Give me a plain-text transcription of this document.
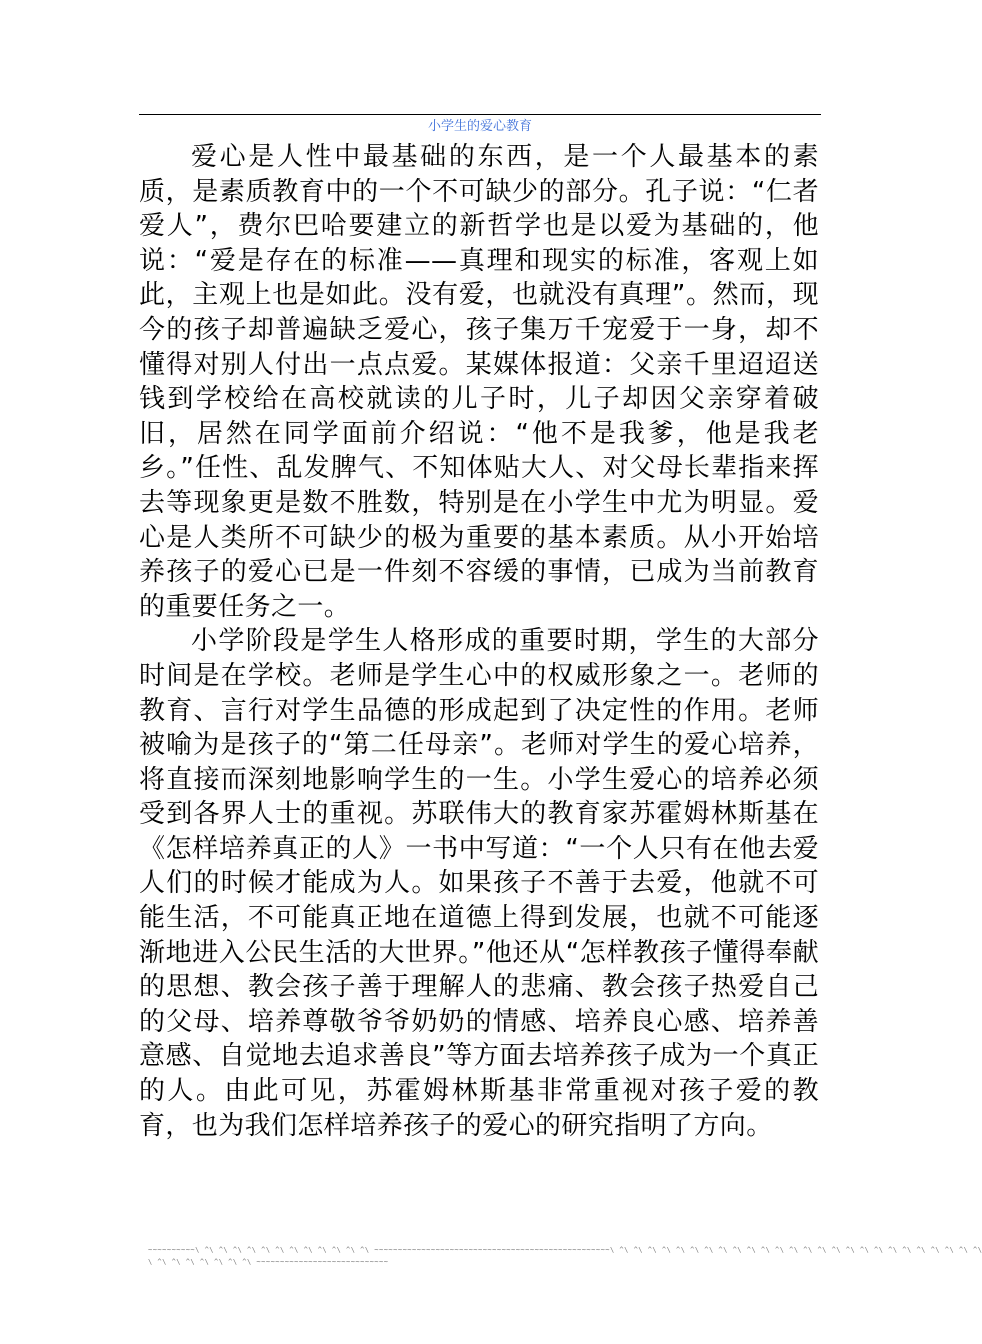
小学生的爱心教育

爱心是人性中最基础的东西，是一个人最基本的素质，是素质教育中的一个不可缺少的部分。孔子说：“仁者爱人”，费尔巴哈要建立的新哲学也是以爱为基础的，他说：“爱是存在的标准——真理和现实的标准，客观上如此，主观上也是如此。没有爱，也就没有真理”。然而，现今的孩子却普遍缺乏爱心，孩子集万千宠爱于一身，却不懂得对别人付出一点点爱。某媒体报道：父亲千里迢迢送钱到学校给在高校就读的儿子时，儿子却因父亲穿着破旧，居然在同学面前介绍说：“他不是我爹，他是我老乡。”任性、乱发脾气、不知体贴大人、对父母长辈指来挥去等现象更是数不胜数，特别是在小学生中尤为明显。爱心是人类所不可缺少的极为重要的基本素质。从小开始培养孩子的爱心已是一件刻不容缓的事情，已成为当前教育的重要任务之一。

小学阶段是学生人格形成的重要时期，学生的大部分时间是在学校。老师是学生心中的权威形象之一。老师的教育、言行对学生品德的形成起到了决定性的作用。老师被喻为是孩子的“第二任母亲”。老师对学生的爱心培养，将直接而深刻地影响学生的一生。小学生爱心的培养必须受到各界人士的重视。苏联伟大的教育家苏霍姆林斯基在《怎样培养真正的人》一书中写道：“一个人只有在他去爱人们的时候才能成为人。如果孩子不善于去爱，他就不可能生活，不可能真正地在道德上得到发展，也就不可能逐渐地进入公民生活的大世界。”他还从“怎样教孩子懂得奉献的思想、教会孩子善于理解人的悲痛、教会孩子热爱自己的父母、培养尊敬爷爷奶奶的情感、培养良心感、培养善意感、自觉地去追求善良”等方面去培养孩子成为一个真正的人。由此可见，苏霍姆林斯基非常重视对孩子爱的教育，也为我们怎样培养孩子的爱心的研究指明了方向。

~~~~~~~~~~\ ^\ ^\ ^\ ^\ ^\ ^\ ^\ ^\ ^\ ^\ ^\ ^\ ~~~~~~~~~~~~~~~~~~~~~~~~~~~~~~~~~~~~~~~~~~~~~~~~~~\ ^\ ^\ ^\ ^\ ^\ ^\ ^\ ^\ ^\ ^\ ^\ ^\ ^\ ^\ ^\ ^\ ^\ ^\ ^\ ^\ ^\ ^\ ^\ ^\ ^\ ^\
\ ^\ ^\ ^\ ^\ ^\ ^\ ^\ ~~~~~~~~~~~~~~~~~~~~~~~~~~~~
